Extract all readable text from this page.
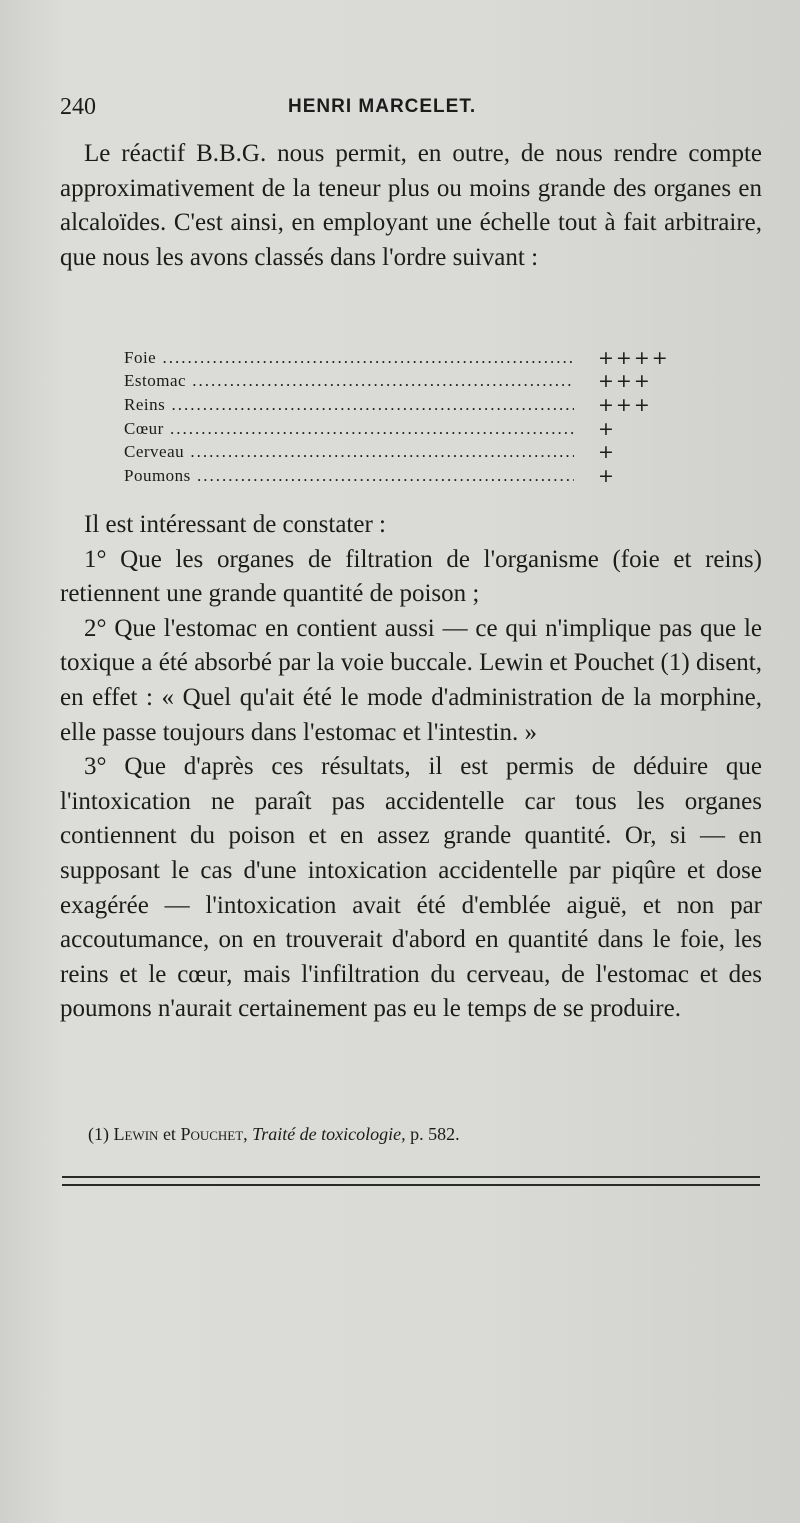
240	HENRI MARCELET.

Le réactif B.B.G. nous permit, en outre, de nous rendre compte approximativement de la teneur plus ou moins grande des organes en alcaloïdes. C'est ainsi, en employant une échelle tout à fait arbitraire, que nous les avons classés dans l'ordre suivant :

Foie .....	++++
Estomac .....	+++
Reins .....	+++
Cœur .....	+
Cerveau .....	+
Poumons .....	+

Il est intéressant de constater :

1° Que les organes de filtration de l'organisme (foie et reins) retiennent une grande quantité de poison ;

2° Que l'estomac en contient aussi — ce qui n'implique pas que le toxique a été absorbé par la voie buccale. Lewin et Pouchet (1) disent, en effet : « Quel qu'ait été le mode d'administration de la morphine, elle passe toujours dans l'estomac et l'intestin. »

3° Que d'après ces résultats, il est permis de déduire que l'intoxication ne paraît pas accidentelle car tous les organes contiennent du poison et en assez grande quantité. Or, si — en supposant le cas d'une intoxication accidentelle par piqûre et dose exagérée — l'intoxication avait été d'emblée aiguë, et non par accoutumance, on en trouverait d'abord en quantité dans le foie, les reins et le cœur, mais l'infiltration du cerveau, de l'estomac et des poumons n'aurait certainement pas eu le temps de se produire.

(1) Lewin et Pouchet, Traité de toxicologie, p. 582.
